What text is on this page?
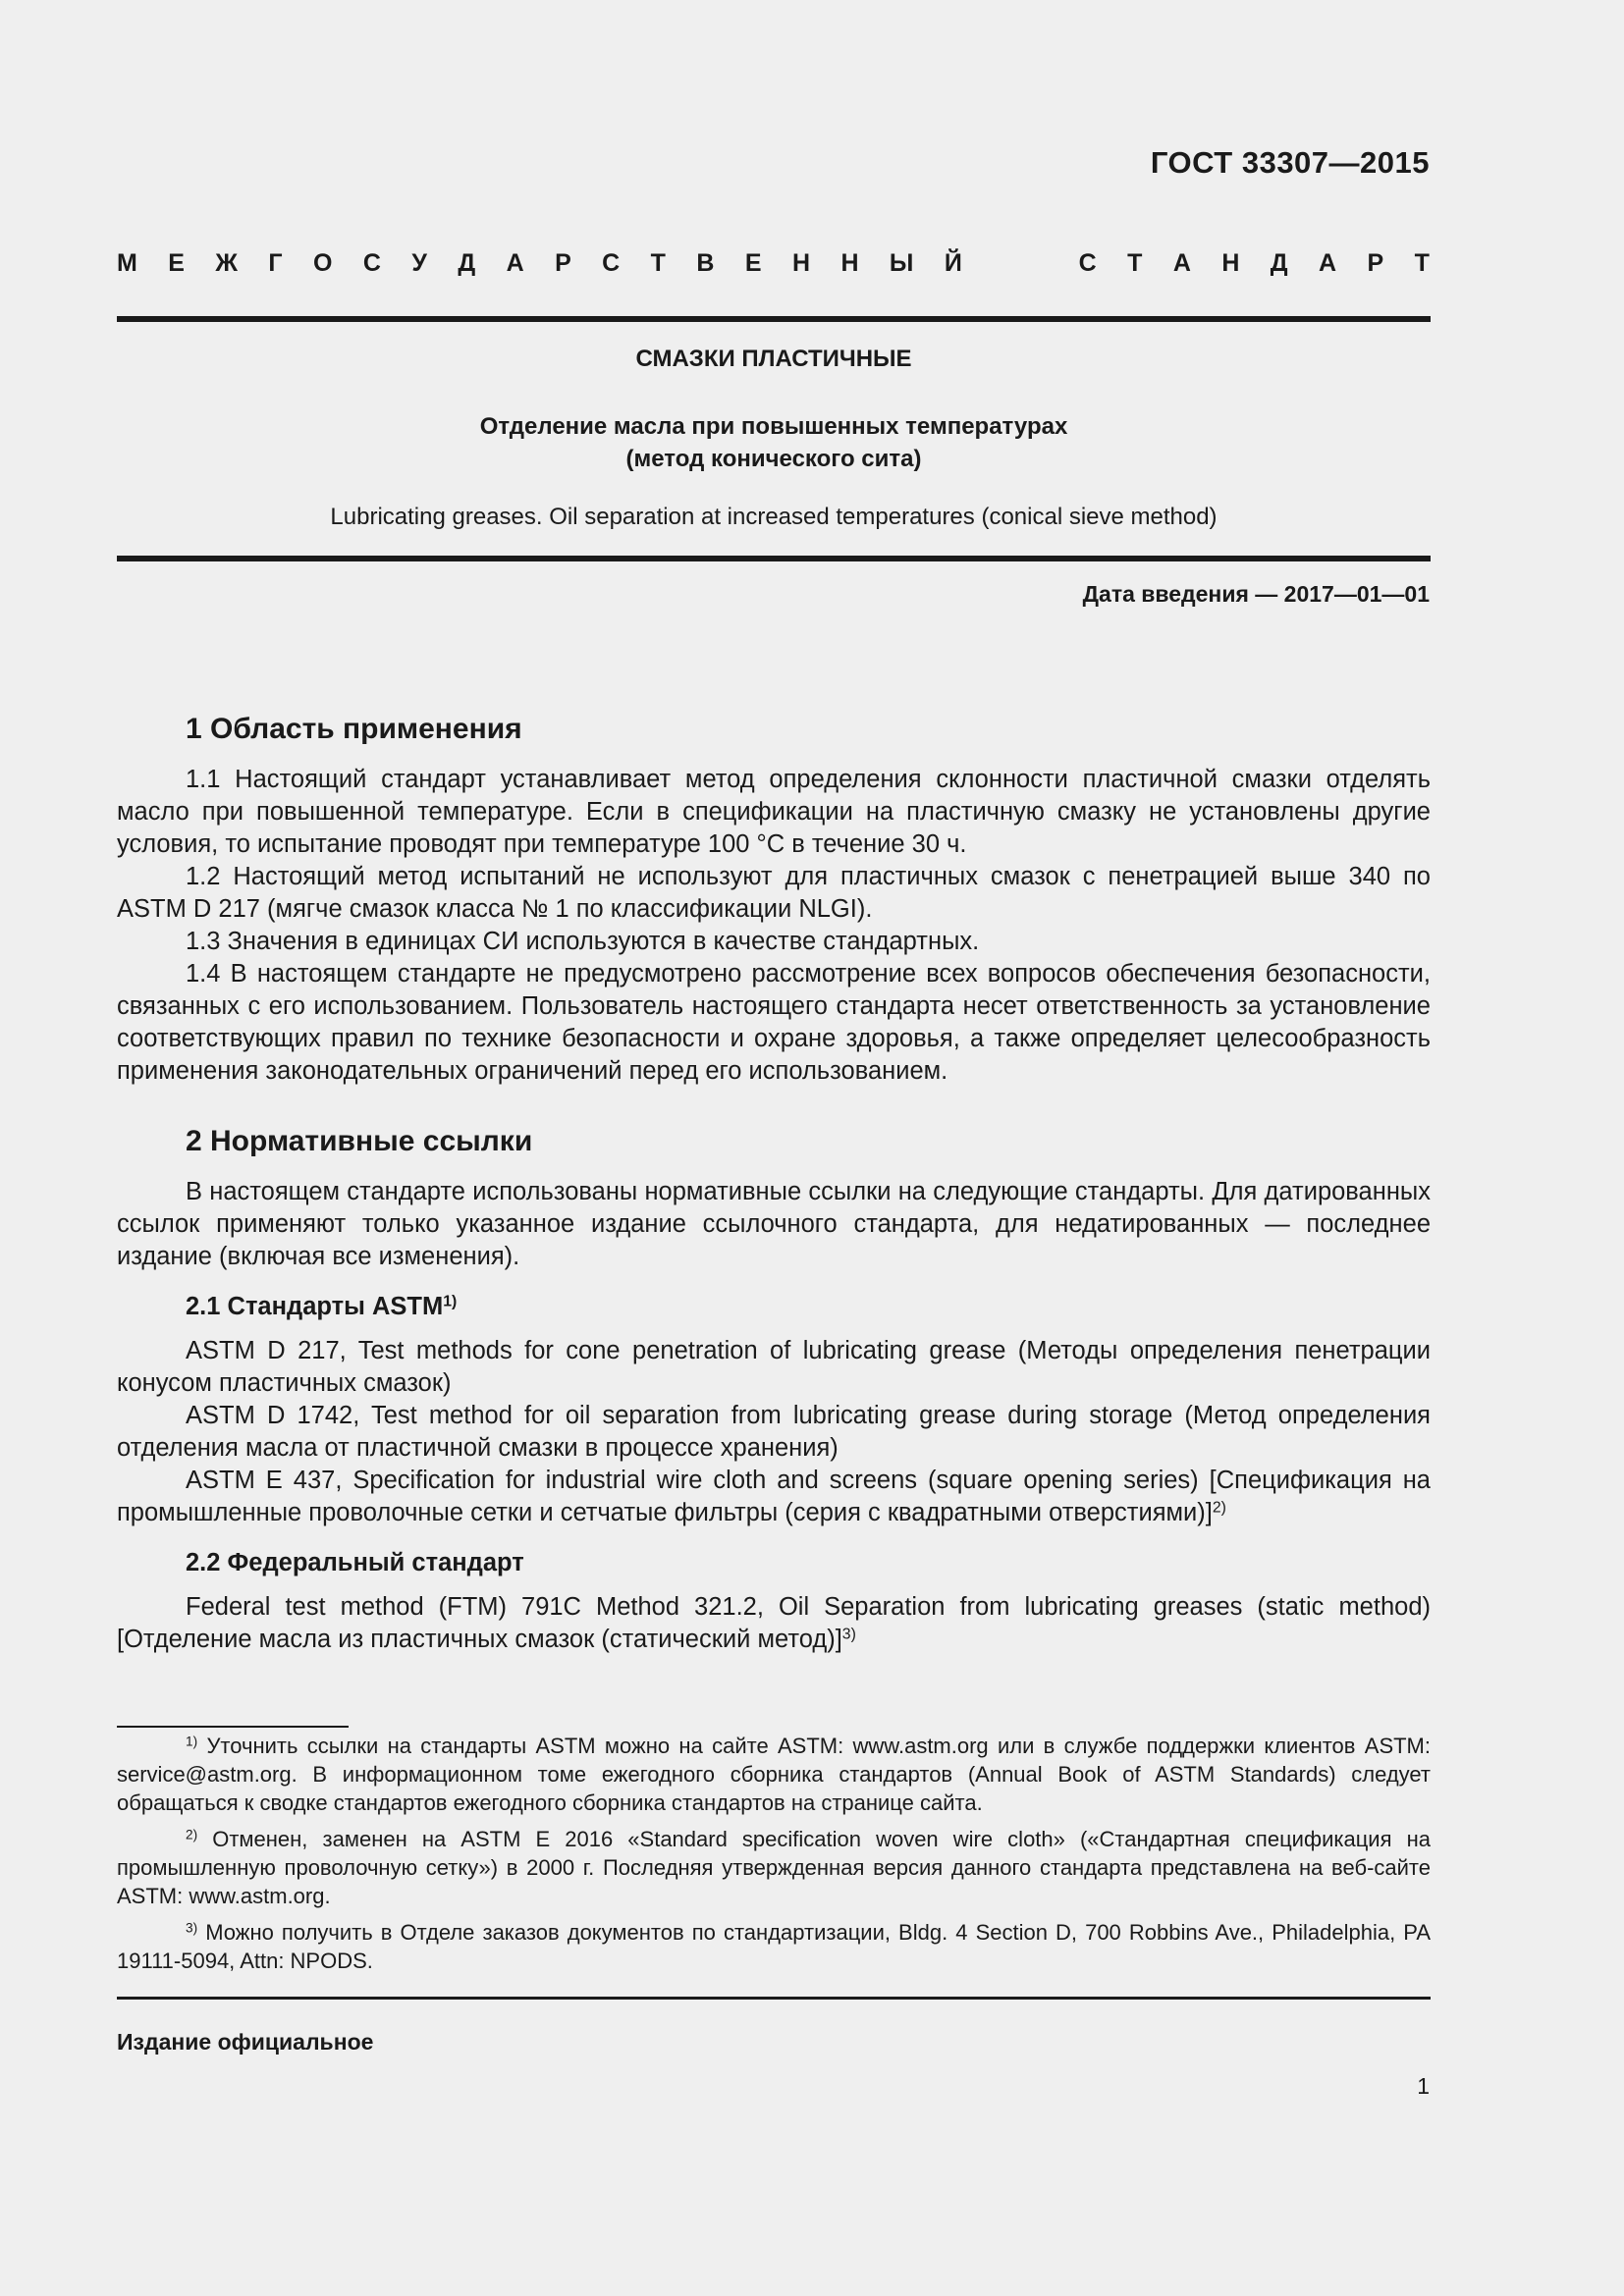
ГОСТ 33307—2015
М Е Ж Г О С У Д А Р С Т В Е Н Н Ы Й	С Т А Н Д А Р Т
СМАЗКИ ПЛАСТИЧНЫЕ
Отделение масла при повышенных температурах
(метод конического сита)
Lubricating greases. Oil separation at increased temperatures (conical sieve method)
Дата введения — 2017—01—01
1 Область применения

1.1 Настоящий стандарт устанавливает метод определения склонности пластичной смазки отделять масло при повышенной температуре. Если в спецификации на пластичную смазку не установлены другие условия, то испытание проводят при температуре 100 °С в течение 30 ч.

1.2 Настоящий метод испытаний не используют для пластичных смазок с пенетрацией выше 340 по ASTM D 217 (мягче смазок класса № 1 по классификации NLGI).

1.3 Значения в единицах СИ используются в качестве стандартных.

1.4 В настоящем стандарте не предусмотрено рассмотрение всех вопросов обеспечения безопасности, связанных с его использованием. Пользователь настоящего стандарта несет ответственность за установление соответствующих правил по технике безопасности и охране здоровья, а также определяет целесообразность применения законодательных ограничений перед его использованием.

2 Нормативные ссылки

В настоящем стандарте использованы нормативные ссылки на следующие стандарты. Для датированных ссылок применяют только указанное издание ссылочного стандарта, для недатированных — последнее издание (включая все изменения).

2.1 Стандарты ASTM$^{1)}$

ASTM D 217, Test methods for cone penetration of lubricating grease (Методы определения пенетрации конусом пластичных смазок)

ASTM D 1742, Test method for oil separation from lubricating grease during storage (Метод определения отделения масла от пластичной смазки в процессе хранения)

ASTM E 437, Specification for industrial wire cloth and screens (square opening series) [Спецификация на промышленные проволочные сетки и сетчатые фильтры (серия с квадратными отверстиями)]$^{2)}$

2.2 Федеральный стандарт

Federal test method (FTM) 791C Method 321.2, Oil Separation from lubricating greases (static method) [Отделение масла из пластичных смазок (статический метод)]$^{3)}$

$^{1)}$ Уточнить ссылки на стандарты ASTM можно на сайте ASTM: www.astm.org или в службе поддержки клиентов ASTM: service@astm.org. В информационном томе ежегодного сборника стандартов (Annual Book of ASTM Standards) следует обращаться к сводке стандартов ежегодного сборника стандартов на странице сайта.

$^{2)}$ Отменен, заменен на ASTM E 2016 «Standard specification woven wire cloth» («Стандартная спецификация на промышленную проволочную сетку») в 2000 г. Последняя утвержденная версия данного стандарта представлена на веб-сайте ASTM: www.astm.org.

$^{3)}$ Можно получить в Отделе заказов документов по стандартизации, Bldg. 4 Section D, 700 Robbins Ave., Philadelphia, PA 19111-5094, Attn: NPODS.

Издание официальное
1
